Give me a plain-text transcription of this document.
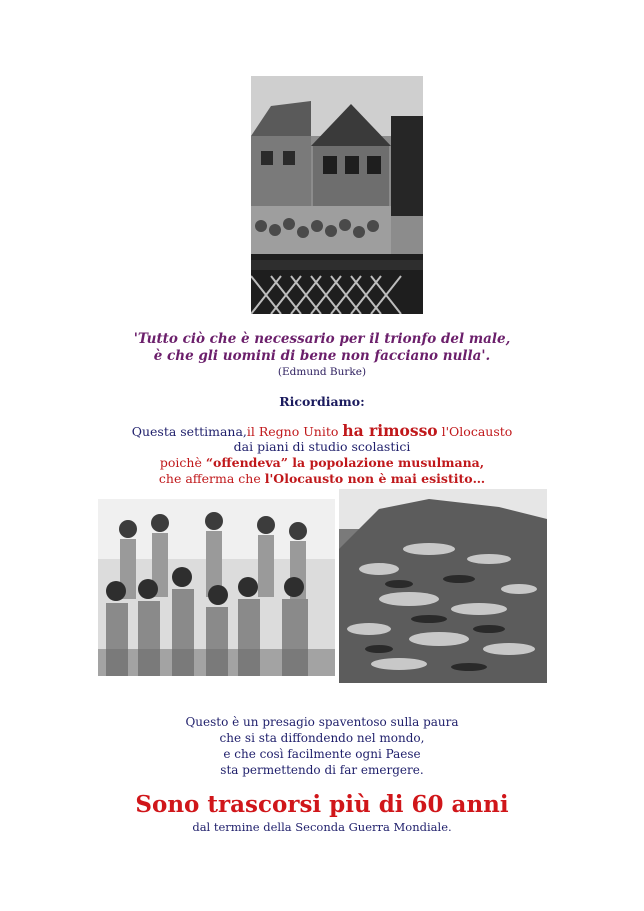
'Tutto ciò che è necessario per il trionfo del male,
è che gli uomini di bene non facciano nulla'.
(Edmund Burke)
Ricordiamo:
Questa settimana,il Regno Unito ha rimosso l'Olocausto
dai piani di studio scolastici
poichè “offendeva” la popolazione musulmana,
che afferma che l'Olocausto non è mai esistito…
Questo è un presagio spaventoso sulla paura
che si sta diffondendo nel mondo,
e che così facilmente ogni Paese
sta permettendo di far emergere.
Sono trascorsi più di 60 anni
dal termine della Seconda Guerra Mondiale.
